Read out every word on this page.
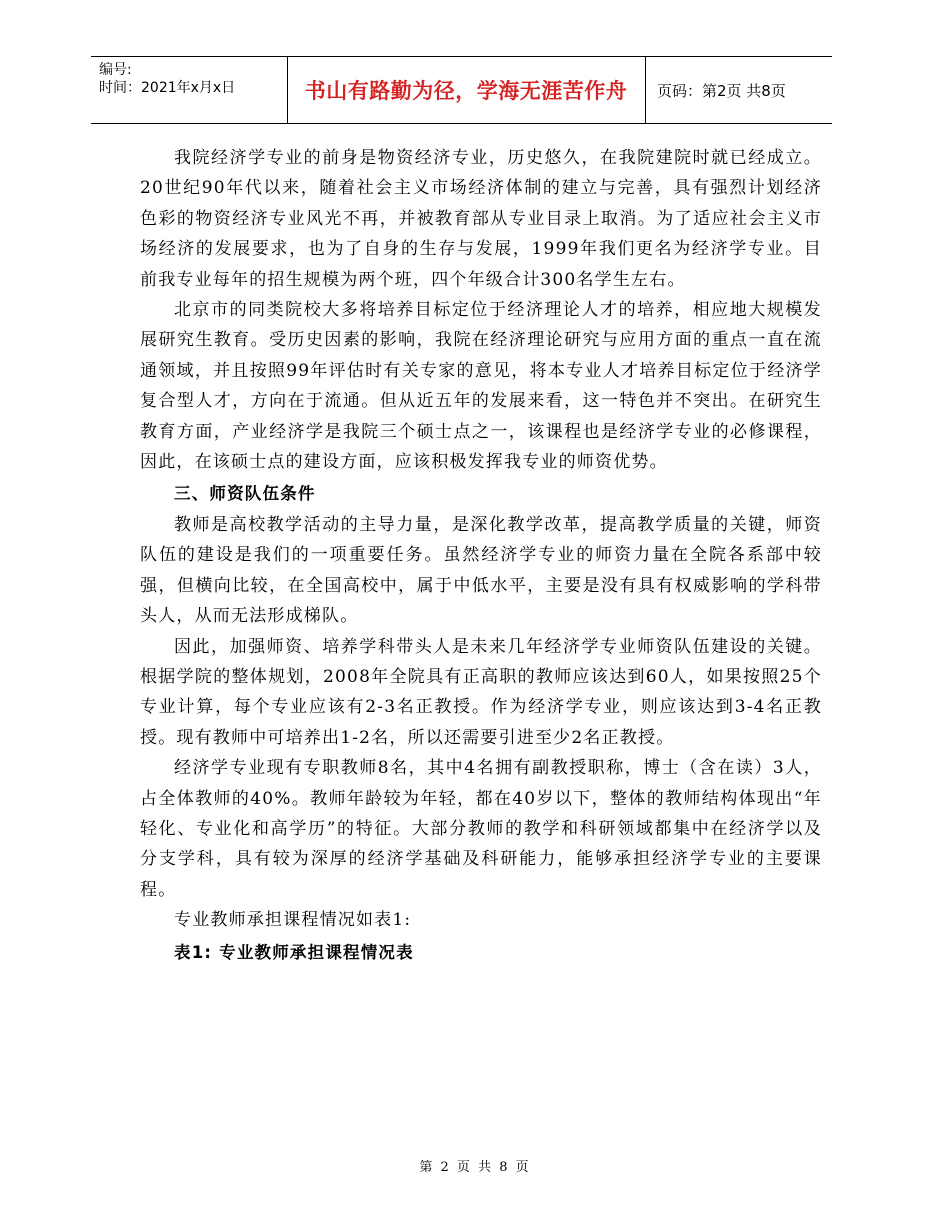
编号:
时间：2021年x月x日	书山有路勤为径，学海无涯苦作舟	页码：第2页 共8页

我院经济学专业的前身是物资经济专业，历史悠久，在我院建院时就已经成立。20世纪90年代以来，随着社会主义市场经济体制的建立与完善，具有强烈计划经济色彩的物资经济专业风光不再，并被教育部从专业目录上取消。为了适应社会主义市场经济的发展要求，也为了自身的生存与发展，1999年我们更名为经济学专业。目前我专业每年的招生规模为两个班，四个年级合计300名学生左右。

北京市的同类院校大多将培养目标定位于经济理论人才的培养，相应地大规模发展研究生教育。受历史因素的影响，我院在经济理论研究与应用方面的重点一直在流通领域，并且按照99年评估时有关专家的意见，将本专业人才培养目标定位于经济学复合型人才，方向在于流通。但从近五年的发展来看，这一特色并不突出。在研究生教育方面，产业经济学是我院三个硕士点之一，该课程也是经济学专业的必修课程，因此，在该硕士点的建设方面，应该积极发挥我专业的师资优势。

三、师资队伍条件

教师是高校教学活动的主导力量，是深化教学改革，提高教学质量的关键，师资队伍的建设是我们的一项重要任务。虽然经济学专业的师资力量在全院各系部中较强，但横向比较，在全国高校中，属于中低水平，主要是没有具有权威影响的学科带头人，从而无法形成梯队。

因此，加强师资、培养学科带头人是未来几年经济学专业师资队伍建设的关键。根据学院的整体规划，2008年全院具有正高职的教师应该达到60人，如果按照25个专业计算，每个专业应该有2-3名正教授。作为经济学专业，则应该达到3-4名正教授。现有教师中可培养出1-2名，所以还需要引进至少2名正教授。

经济学专业现有专职教师8名，其中4名拥有副教授职称，博士（含在读）3人，占全体教师的40%。教师年龄较为年轻，都在40岁以下，整体的教师结构体现出“年轻化、专业化和高学历”的特征。大部分教师的教学和科研领域都集中在经济学以及分支学科，具有较为深厚的经济学基础及科研能力，能够承担经济学专业的主要课程。

专业教师承担课程情况如表1:

表1: 专业教师承担课程情况表
第 2 页 共 8 页
